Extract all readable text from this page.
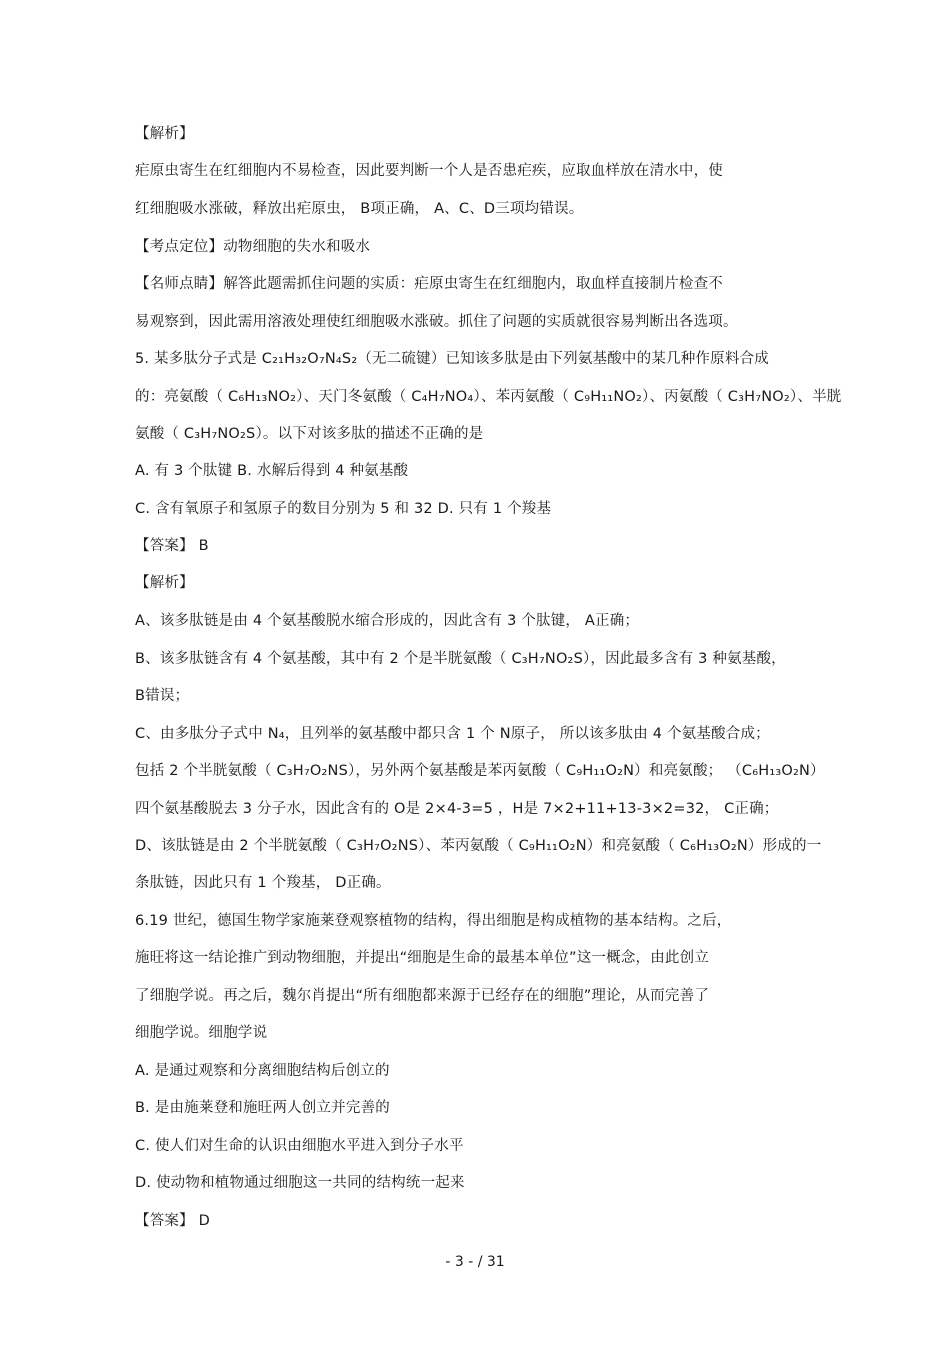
【解析】
疟原虫寄生在红细胞内不易检查，因此要判断一个人是否患疟疾，应取血样放在清水中，使
红细胞吸水涨破，释放出疟原虫， B项正确， A、C、D三项均错误。
【考点定位】动物细胞的失水和吸水
【名师点睛】解答此题需抓住问题的实质：疟原虫寄生在红细胞内，取血样直接制片检查不
易观察到，因此需用溶液处理使红细胞吸水涨破。抓住了问题的实质就很容易判断出各选项。
5. 某多肽分子式是 C₂₁H₃₂O₇N₄S₂（无二硫键）已知该多肽是由下列氨基酸中的某几种作原料合成
的：亮氨酸（ C₆H₁₃NO₂）、天门冬氨酸（ C₄H₇NO₄）、苯丙氨酸（ C₉H₁₁NO₂）、丙氨酸（ C₃H₇NO₂）、半胱
氨酸（ C₃H₇NO₂S）。以下对该多肽的描述不正确的是
A. 有 3 个肽键 B. 水解后得到 4 种氨基酸
C. 含有氧原子和氢原子的数目分别为 5 和 32 D. 只有 1 个羧基
【答案】 B
【解析】
A、该多肽链是由 4 个氨基酸脱水缩合形成的，因此含有 3 个肽键， A正确；
B、该多肽链含有 4 个氨基酸，其中有 2 个是半胱氨酸（ C₃H₇NO₂S），因此最多含有 3 种氨基酸，
B错误；
C、由多肽分子式中 N₄，且列举的氨基酸中都只含 1 个 N原子， 所以该多肽由 4 个氨基酸合成；
包括 2 个半胱氨酸（ C₃H₇O₂NS），另外两个氨基酸是苯丙氨酸（ C₉H₁₁O₂N）和亮氨酸； （C₆H₁₃O₂N）
四个氨基酸脱去 3 分子水，因此含有的 O是 2×4-3=5 ，H是 7×2+11+13-3×2=32， C正确；
D、该肽链是由 2 个半胱氨酸（ C₃H₇O₂NS）、苯丙氨酸（ C₉H₁₁O₂N）和亮氨酸（ C₆H₁₃O₂N）形成的一
条肽链，因此只有 1 个羧基， D正确。
6.19 世纪，德国生物学家施莱登观察植物的结构，得出细胞是构成植物的基本结构。之后，
施旺将这一结论推广到动物细胞，并提出“细胞是生命的最基本单位”这一概念，由此创立
了细胞学说。再之后，魏尔肖提出“所有细胞都来源于已经存在的细胞”理论，从而完善了
细胞学说。细胞学说
A. 是通过观察和分离细胞结构后创立的
B. 是由施莱登和施旺两人创立并完善的
C. 使人们对生命的认识由细胞水平进入到分子水平
D. 使动物和植物通过细胞这一共同的结构统一起来
【答案】 D
- 3 - / 31
